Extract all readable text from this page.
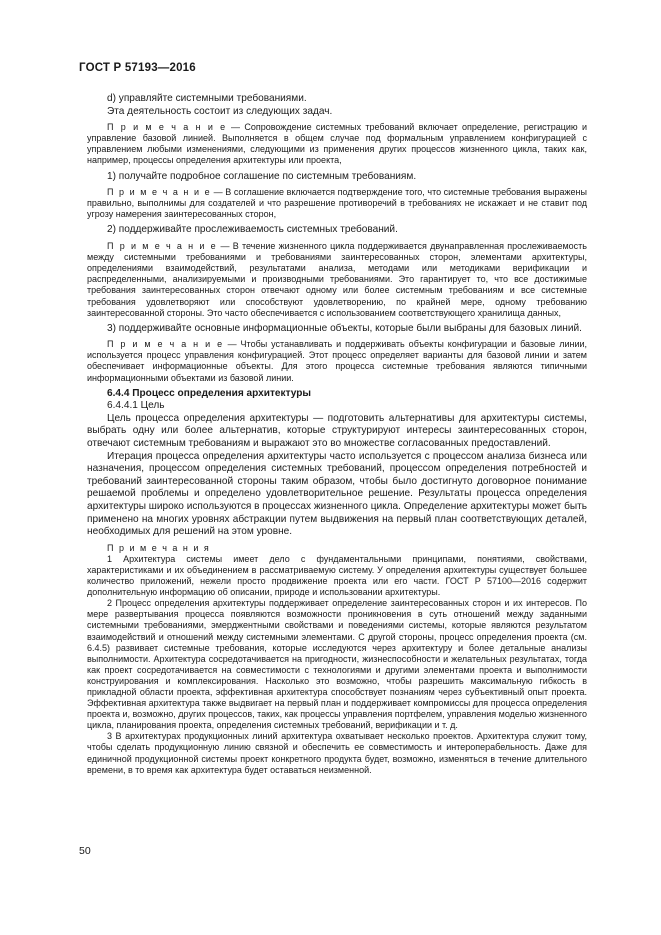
ГОСТ Р 57193—2016

d) управляйте системными требованиями.

Эта деятельность состоит из следующих задач.

П р и м е ч а н и е — Сопровождение системных требований включает определение, регистрацию и управление базовой линией. Выполняется в общем случае под формальным управлением конфигурацией с управлением любыми изменениями, следующими из применения других процессов жизненного цикла, таких как, например, процессы определения архитектуры или проекта,

1) получайте подробное соглашение по системным требованиям.

П р и м е ч а н и е — В соглашение включается подтверждение того, что системные требования выражены правильно, выполнимы для создателей и что разрешение противоречий в требованиях не искажает и не ставит под угрозу намерения заинтересованных сторон,

2) поддерживайте прослеживаемость системных требований.

П р и м е ч а н и е — В течение жизненного цикла поддерживается двунаправленная прослеживаемость между системными требованиями и требованиями заинтересованных сторон, элементами архитектуры, определениями взаимодействий, результатами анализа, методами или методиками верификации и распределенными, анализируемыми и производными требованиями. Это гарантирует то, что все достижимые требования заинтересованных сторон отвечают одному или более системным требованиям и все системные требования удовлетворяют или способствуют удовлетворению, по крайней мере, одному требованию заинтересованной стороны. Это часто обеспечивается с использованием соответствующего хранилища данных,

3) поддерживайте основные информационные объекты, которые были выбраны для базовых линий.

П р и м е ч а н и е — Чтобы устанавливать и поддерживать объекты конфигурации и базовые линии, используется процесс управления конфигурацией. Этот процесс определяет варианты для базовой линии и затем обеспечивает информационные объекты. Для этого процесса системные требования являются типичными информационными объектами из базовой линии.

6.4.4 Процесс определения архитектуры

6.4.4.1 Цель

Цель процесса определения архитектуры — подготовить альтернативы для архитектуры системы, выбрать одну или более альтернатив, которые структурируют интересы заинтересованных сторон, отвечают системным требованиям и выражают это во множестве согласованных предоставлений.

Итерация процесса определения архитектуры часто используется с процессом анализа бизнеса или назначения, процессом определения системных требований, процессом определения потребностей и требований заинтересованной стороны таким образом, чтобы было достигнуто договорное понимание решаемой проблемы и определено удовлетворительное решение. Результаты процесса определения архитектуры широко используются в процессах жизненного цикла. Определение архитектуры может быть применено на многих уровнях абстракции путем выдвижения на первый план соответствующих деталей, необходимых для решений на этом уровне.

П р и м е ч а н и я

1 Архитектура системы имеет дело с фундаментальными принципами, понятиями, свойствами, характеристиками и их объединением в рассматриваемую систему. У определения архитектуры существует большее количество приложений, нежели просто продвижение проекта или его части. ГОСТ Р 57100—2016 содержит дополнительную информацию об описании, природе и использовании архитектуры.

2 Процесс определения архитектуры поддерживает определение заинтересованных сторон и их интересов. По мере развертывания процесса появляются возможности проникновения в суть отношений между заданными системными требованиями, эмерджентными свойствами и поведениями системы, которые являются результатом взаимодействий и отношений между системными элементами. С другой стороны, процесс определения проекта (см. 6.4.5) развивает системные требования, которые исследуются через архитектуру и более детальные анализы выполнимости. Архитектура сосредотачивается на пригодности, жизнеспособности и желательных результатах, тогда как проект сосредотачивается на совместимости с технологиями и другими элементами проекта и выполнимости конструирования и комплексирования. Насколько это возможно, чтобы разрешить максимальную гибкость в прикладной области проекта, эффективная архитектура способствует познаниям через субъективный опыт проекта. Эффективная архитектура также выдвигает на первый план и поддерживает компромиссы для процесса определения проекта и, возможно, других процессов, таких, как процессы управления портфелем, управления моделью жизненного цикла, планирования проекта, определения системных требований, верификации и т. д.

3 В архитектурах продукционных линий архитектура охватывает несколько проектов. Архитектура служит тому, чтобы сделать продукционную линию связной и обеспечить ее совместимость и интероперабельность. Даже для единичной продукционной системы проект конкретного продукта будет, возможно, изменяться в течение длительного времени, в то время как архитектура будет оставаться неизменной.

50
